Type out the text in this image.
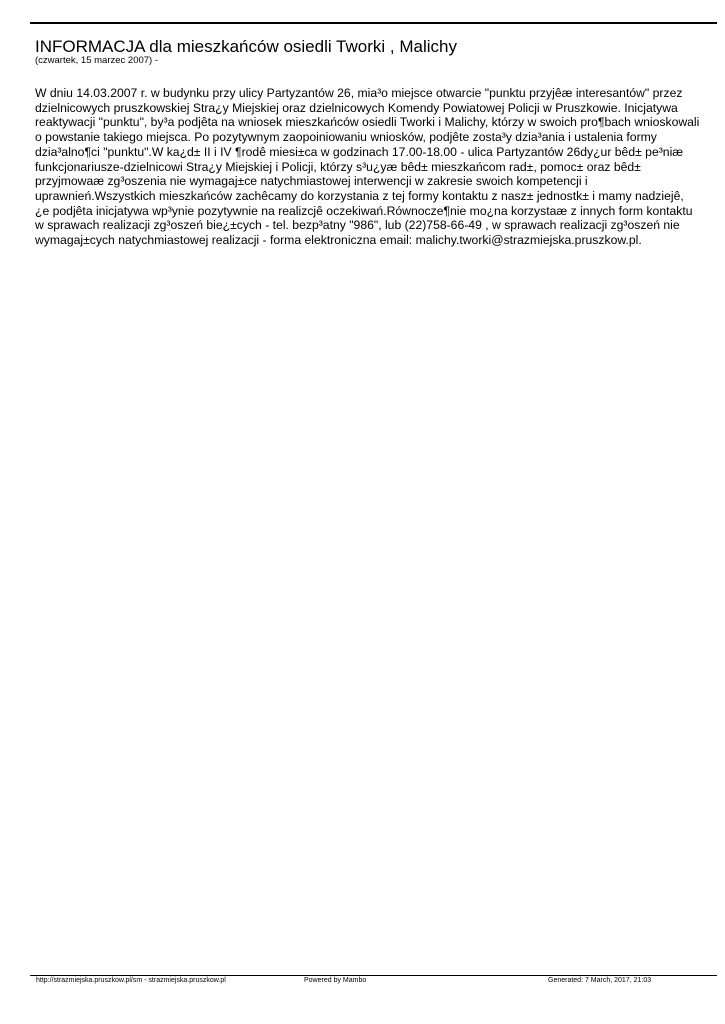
INFORMACJA dla mieszkańców osiedli Tworki , Malichy
(czwartek, 15 marzec 2007) -

W dniu 14.03.2007 r. w budynku przy ulicy Partyzantów 26, mia³o miejsce otwarcie "punktu przyjêæ interesantów" przez dzielnicowych pruszkowskiej Stra¿y Miejskiej oraz dzielnicowych Komendy Powiatowej Policji w Pruszkowie. Inicjatywa reaktywacji "punktu", by³a podjêta na wniosek mieszkańców osiedli Tworki i Malichy, którzy w swoich pro¶bach wnioskowali o powstanie takiego miejsca. Po pozytywnym zaopoiniowaniu wniosków, podjête zosta³y dzia³ania i ustalenia formy dzia³alno¶ci "punktu".W ka¿d± II i IV ¶rodê miesi±ca w godzinach 17.00-18.00 - ulica Partyzantów 26dy¿ur bêd± pe³niæ funkcjonariusze-dzielnicowi Stra¿y Miejskiej i Policji, którzy s³u¿yæ bêd± mieszkańcom rad±, pomoc± oraz bêd± przyjmowaæ zg³oszenia nie wymagaj±ce natychmiastowej interwencji w zakresie swoich kompetencji i uprawnień.Wszystkich mieszkańców zachêcamy do korzystania z tej formy kontaktu z nasz± jednostk± i mamy nadziejê, ¿e podjêta inicjatywa wp³ynie pozytywnie na realizcjê oczekiwań.Równocze¶nie mo¿na korzystaæ z innych form kontaktu w sprawach realizacji zg³oszeń bie¿±cych - tel. bezp³atny "986", lub (22)758-66-49 , w sprawach realizacji zg³oszeń nie wymagaj±cych natychmiastowej realizacji - forma elektroniczna email: malichy.tworki@strazmiejska.pruszkow.pl.

http://strazmiejska.pruszkow.pl/sm - strazmiejska.pruszkow.pl	Powered by Mambo	Generated: 7 March, 2017, 21:03
